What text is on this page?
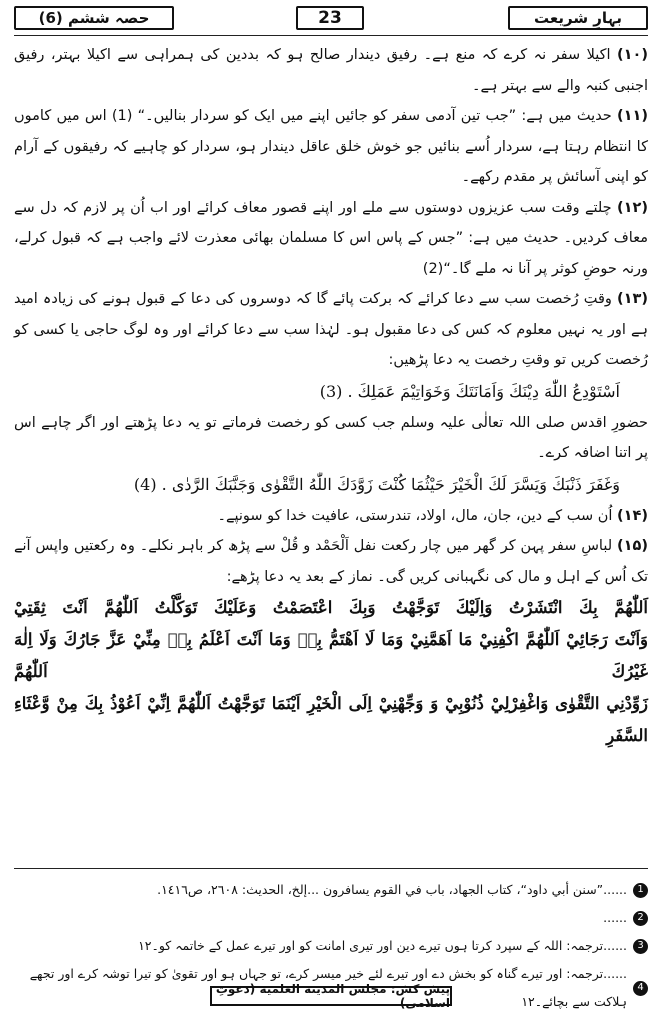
حصہ ششم (6)	23	بہارِ شریعت

(۱۰) اکیلا سفر نہ کرے کہ منع ہے۔ رفیق دیندار صالح ہو کہ بددین کی ہمراہی سے اکیلا بہتر، رفیق اجنبی کنبہ والے سے بہتر ہے۔

(۱۱) حدیث میں ہے: ”جب تین آدمی سفر کو جائیں اپنے میں ایک کو سردار بنالیں۔“ (1) اس میں کاموں کا انتظام رہتا ہے، سردار اُسے بنائیں جو خوش خلق عاقل دیندار ہو، سردار کو چاہیے کہ رفیقوں کے آرام کو اپنی آسائش پر مقدم رکھے۔

(۱۲) چلتے وقت سب عزیزوں دوستوں سے ملے اور اپنے قصور معاف کرائے اور اب اُن پر لازم کہ دل سے معاف کردیں۔ حدیث میں ہے: ”جس کے پاس اس کا مسلمان بھائی معذرت لائے واجب ہے کہ قبول کرلے، ورنہ حوضِ کوثر پر آنا نہ ملے گا۔“(2)

(۱۳) وقتِ رُخصت سب سے دعا کرائے کہ برکت پائے گا کہ دوسروں کی دعا کے قبول ہونے کی زیادہ امید ہے اور یہ نہیں معلوم کہ کس کی دعا مقبول ہو۔ لہٰذا سب سے دعا کرائے اور وہ لوگ حاجی یا کسی کو رُخصت کریں تو وقتِ رخصت یہ دعا پڑھیں:

اَسْتَوْدِعُ اللّٰهَ دِيْنَكَ وَاَمَانَتَكَ وَخَوَاتِيْمَ عَمَلِكَ . (3)

حضورِ اقدس صلی اللہ تعالٰی علیہ وسلم جب کسی کو رخصت فرماتے تو یہ دعا پڑھتے اور اگر چاہے اس پر اتنا اضافہ کرے۔

وَغَفَرَ ذَنْبَكَ وَيَسَّرَ لَكَ الْخَيْرَ حَيْثُمَا كُنْتَ زَوَّدَكَ اللّٰهُ التَّقْوٰى وَجَنَّبَكَ الرَّدٰى . (4)

(۱۴) اُن سب کے دین، جان، مال، اولاد، تندرستی، عافیت خدا کو سونپے۔

(۱۵) لباسِ سفر پہن کر گھر میں چار رکعت نفل اَلْحَمْد و قُلْ سے پڑھ کر باہر نکلے۔ وہ رکعتیں واپس آنے تک اُس کے اہل و مال کی نگہبانی کریں گی۔ نماز کے بعد یہ دعا پڑھے:

اَللّٰهُمَّ بِكَ انْتَشَرْتُ وَاِلَيْكَ تَوَجَّهْتُ وَبِكَ اعْتَصَمْتُ وَعَلَيْكَ تَوَكَّلْتُ اَللّٰهُمَّ اَنْتَ ثِقَتِيْ

وَاَنْتَ رَجَائِيْ اَللّٰهُمَّ اكْفِنِيْ مَا اَهَمَّنِيْ وَمَا لَا اَهْتَمُّ بِهٖ وَمَا اَنْتَ اَعْلَمُ بِهٖ مِنِّيْ عَزَّ جَارُكَ وَلَا اِلٰهَ غَيْرُكَ اَللّٰهُمَّ

زَوِّدْنِي التَّقْوٰى وَاغْفِرْلِيْ ذُنُوْبِيْ وَ وَجِّهْنِيْ اِلَى الْخَيْرِ اَيْنَمَا تَوَجَّهْتُ اَللّٰهُمَّ اِنِّيْ اَعُوْذُ بِكَ مِنْ وَّعْثَاءِ السَّفَرِ

1
......”سنن أبي داود“، كتاب الجهاد، باب في القوم يسافرون ...إلخ، الحديث: ٢٦٠٨، ص١٤١٦.
2
......
3
......ترجمہ: اللہ کے سپرد کرتا ہوں تیرے دین اور تیری امانت کو اور تیرے عمل کے خاتمہ کو۔۱۲
4
......ترجمہ: اور تیرے گناہ کو بخش دے اور تیرے لئے خیر میسر کرے، تو جہاں ہو اور تقویٰ کو تیرا توشہ کرے اور تجھے ہلاکت سے بچائے۔۱۲
پیش کش: مجلس المدينة العلمية (دعوتِ اسلامی)
